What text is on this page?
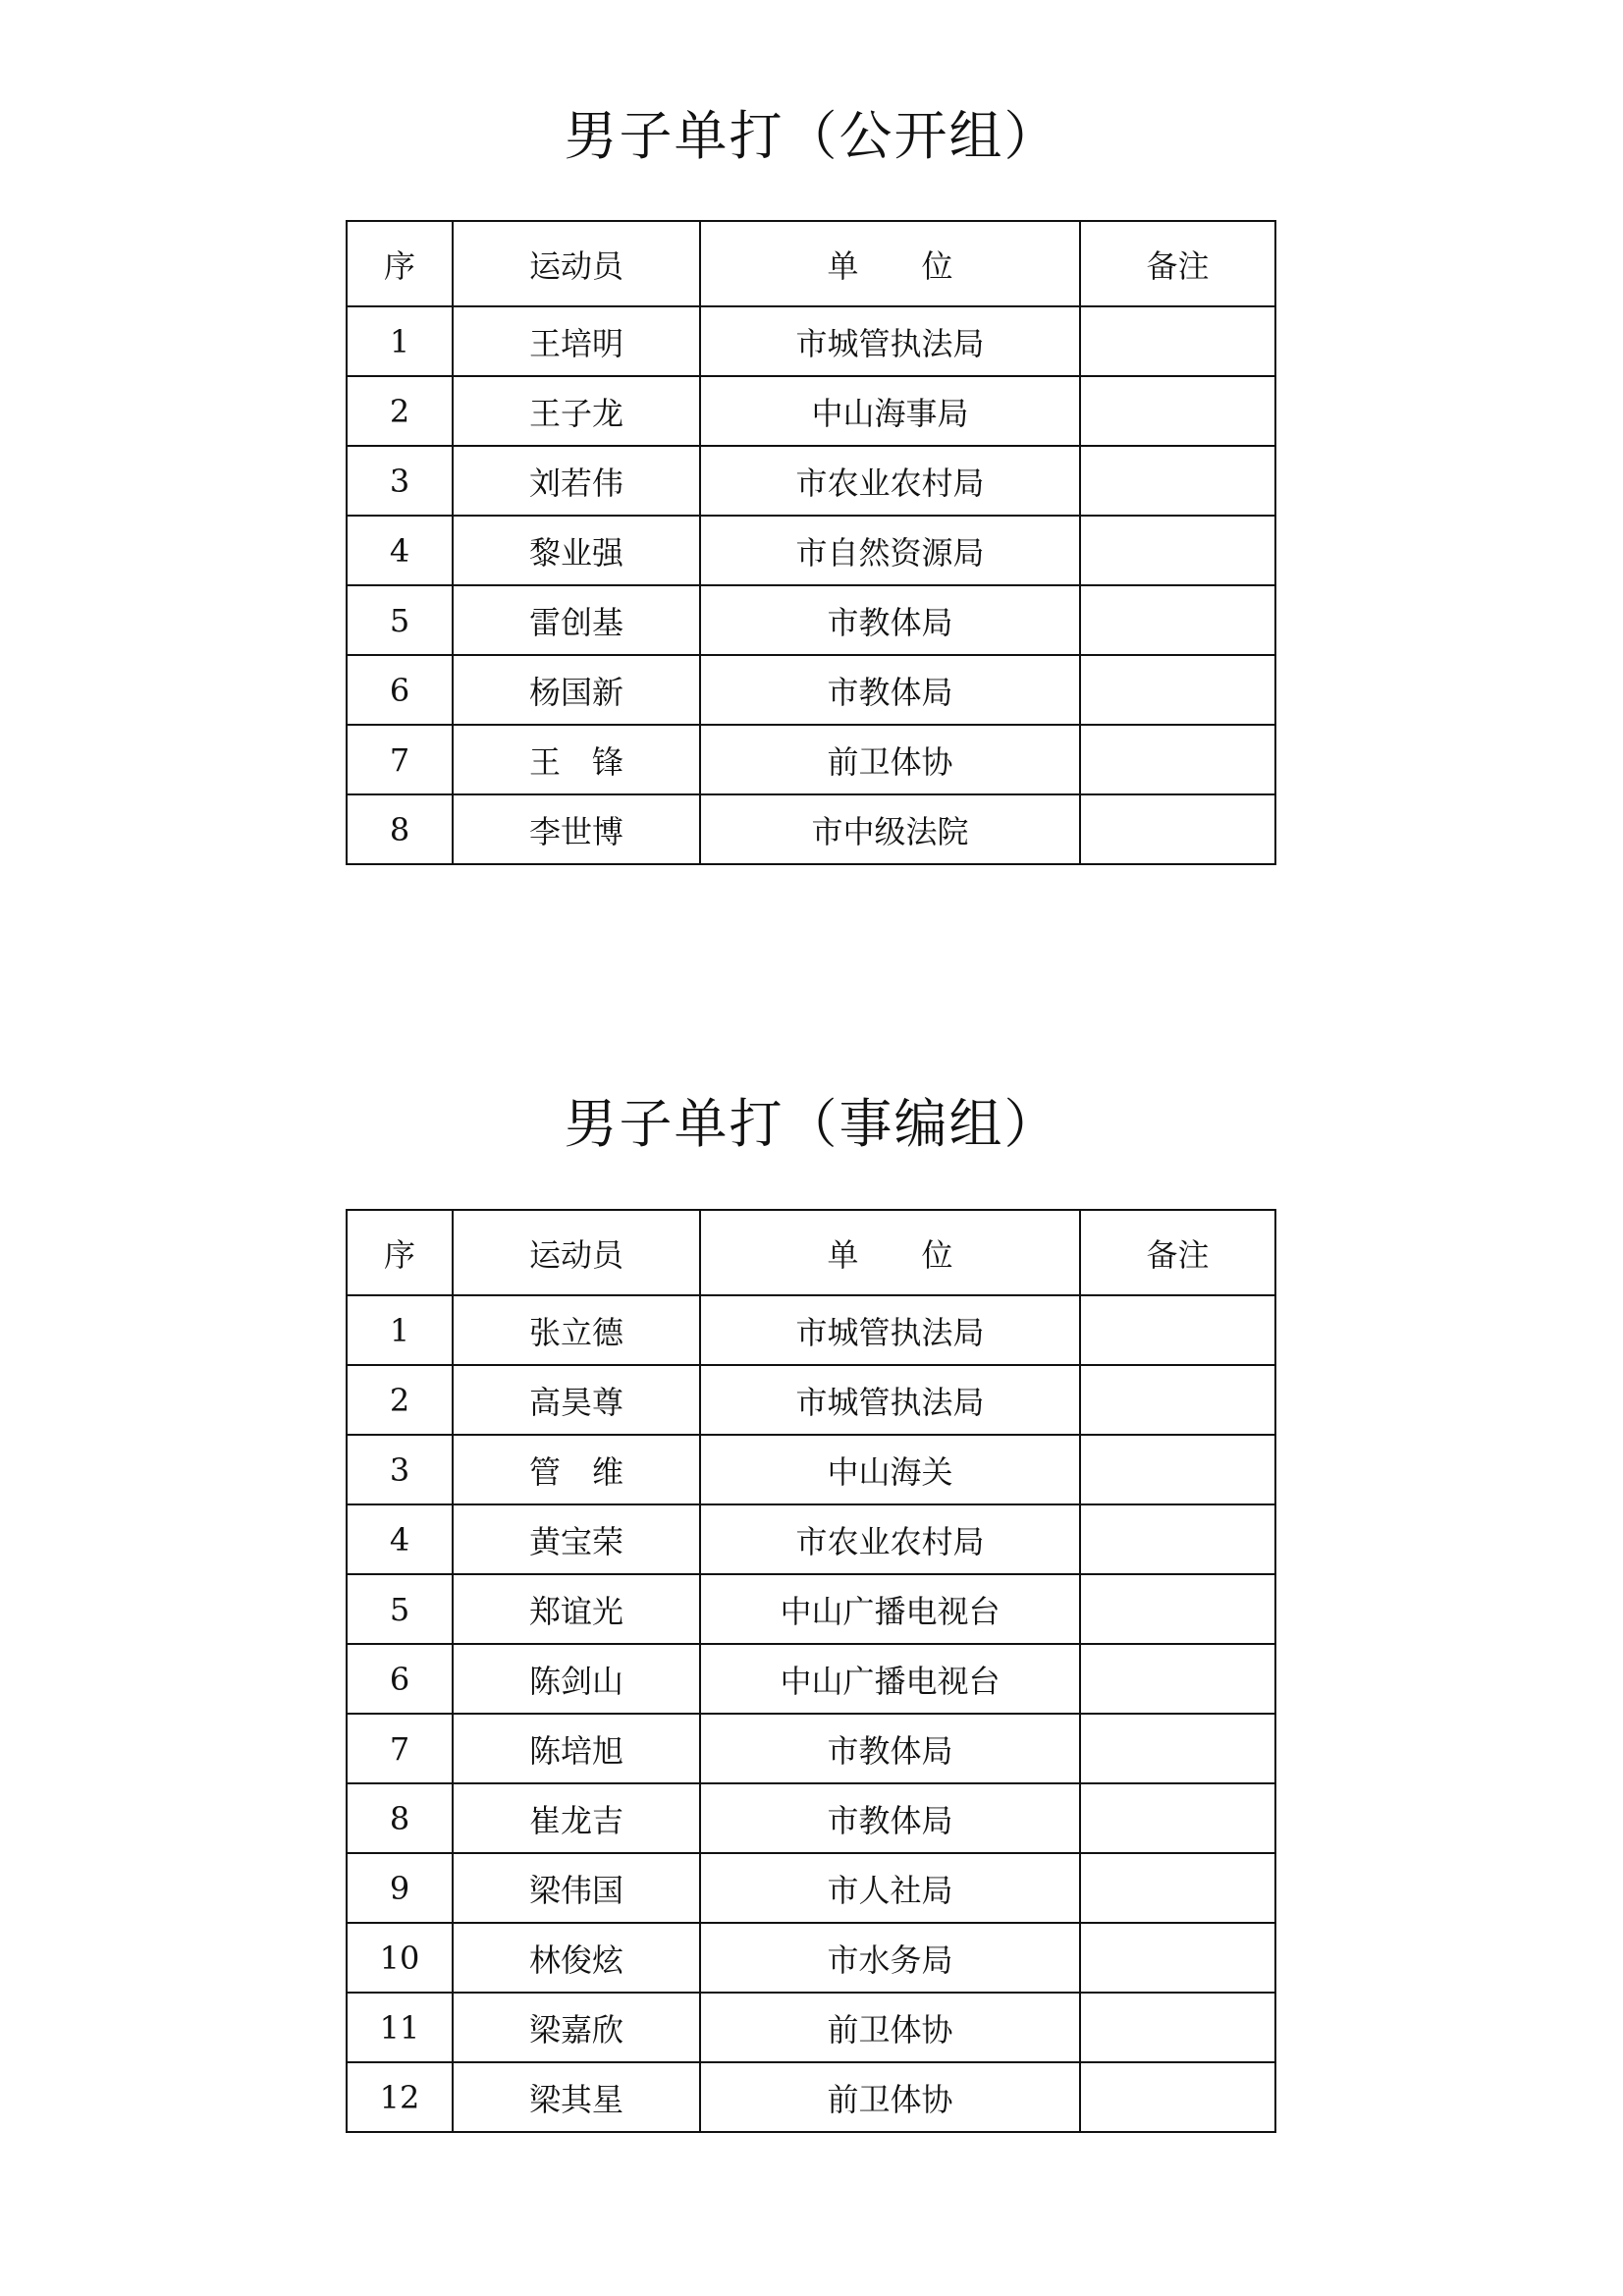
男子单打（公开组）
序	运动员	单　　位	备注
1	王培明	市城管执法局	
2	王子龙	中山海事局	
3	刘若伟	市农业农村局	
4	黎业强	市自然资源局	
5	雷创基	市教体局	
6	杨国新	市教体局	
7	王　锋	前卫体协	
8	李世博	市中级法院	
男子单打（事编组）
序	运动员	单　　位	备注
1	张立德	市城管执法局	
2	高昊尊	市城管执法局	
3	管　维	中山海关	
4	黄宝荣	市农业农村局	
5	郑谊光	中山广播电视台	
6	陈剑山	中山广播电视台	
7	陈培旭	市教体局	
8	崔龙吉	市教体局	
9	梁伟国	市人社局	
10	林俊炫	市水务局	
11	梁嘉欣	前卫体协	
12	梁其星	前卫体协	
